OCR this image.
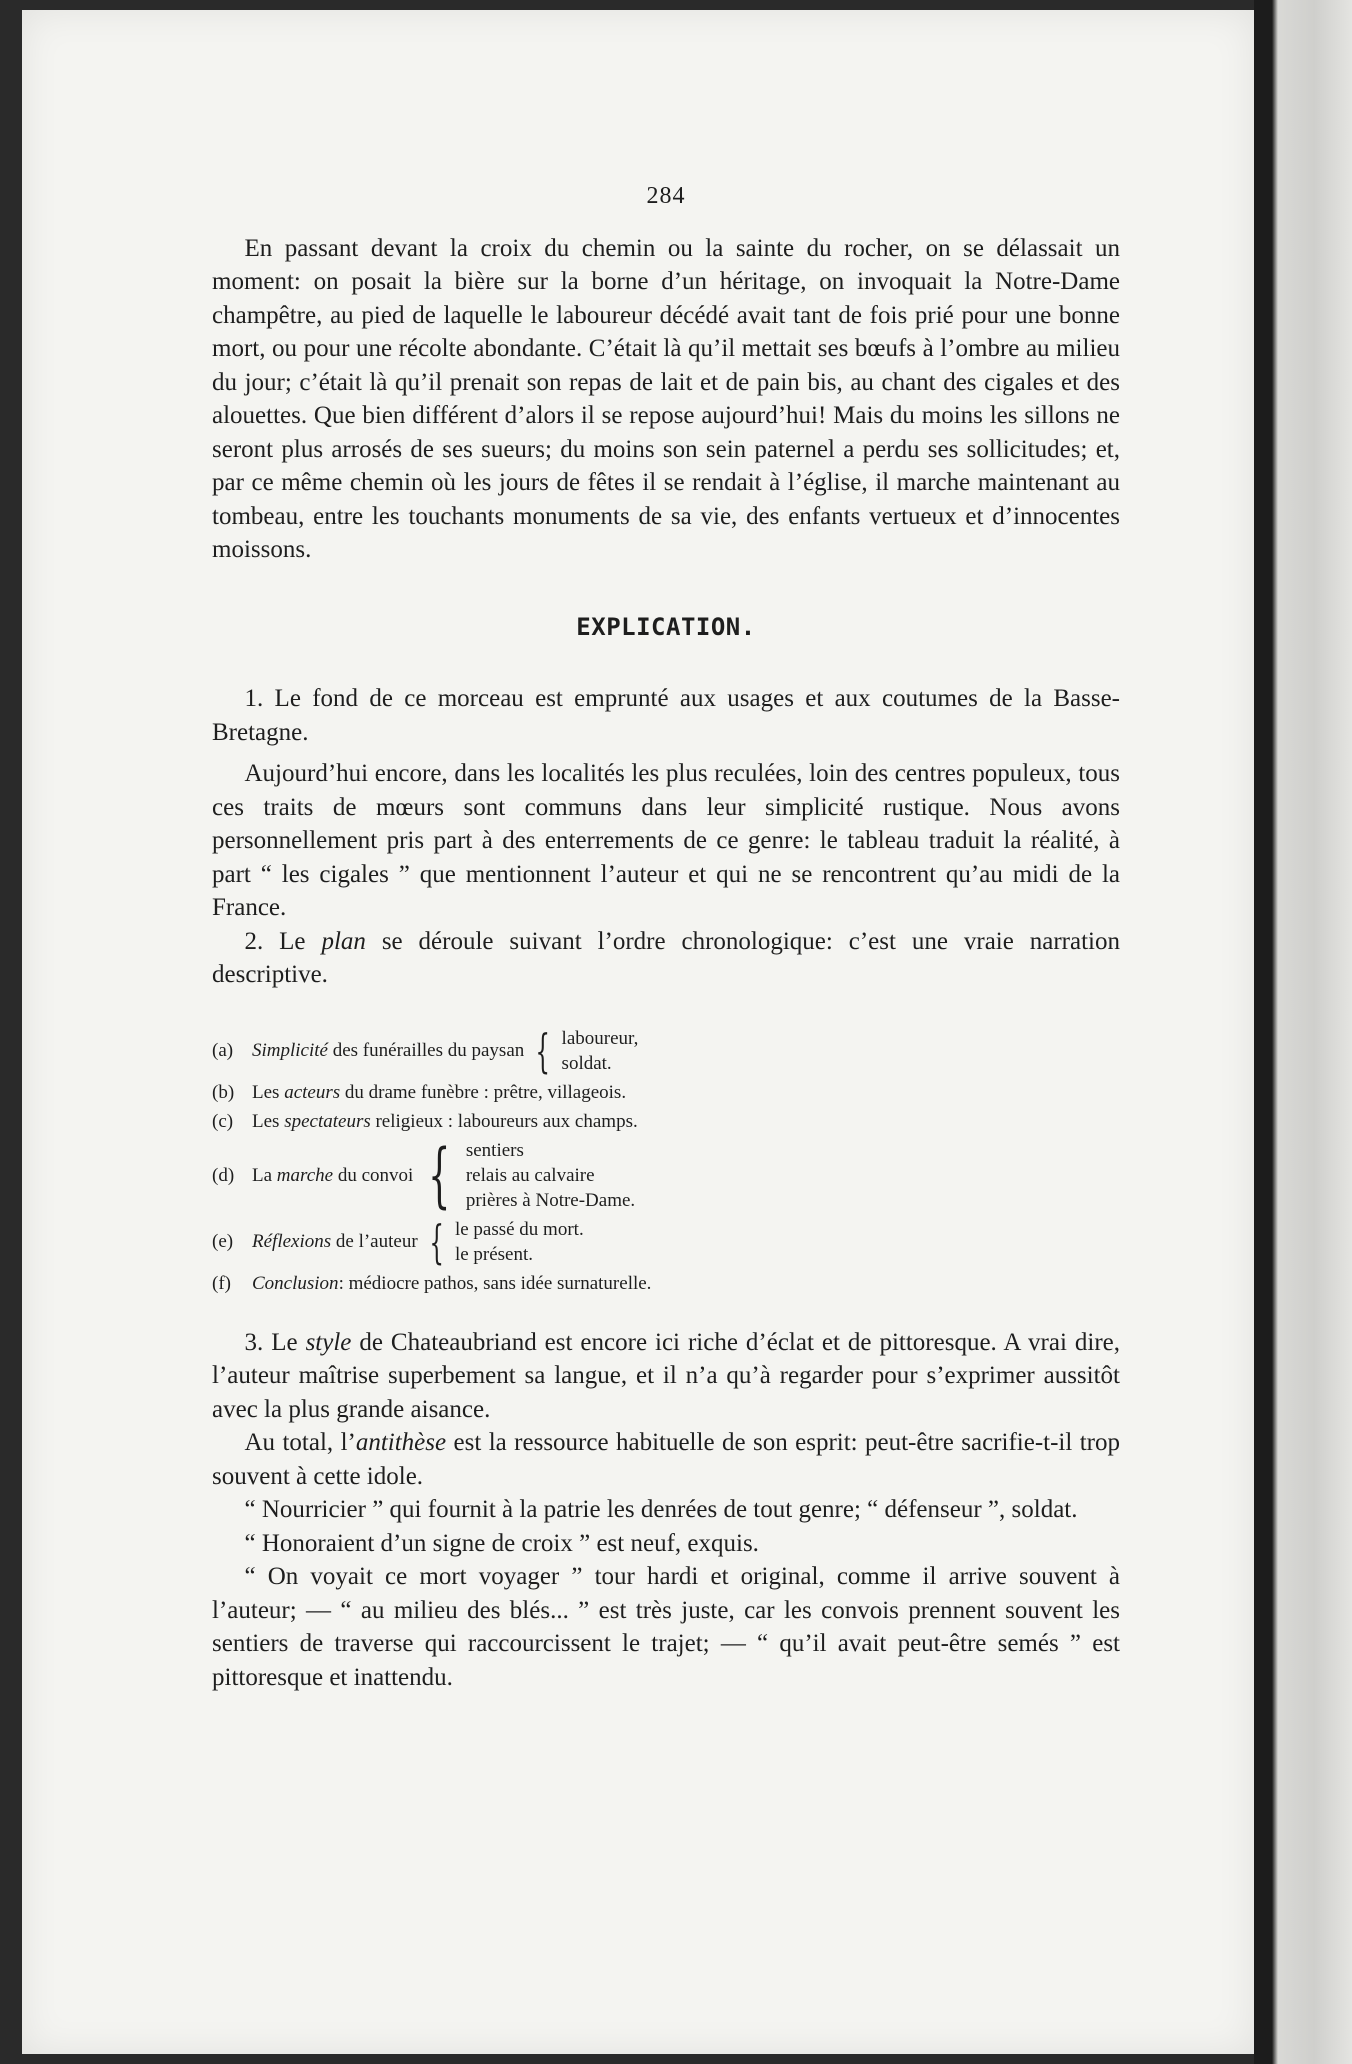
284

En passant devant la croix du chemin ou la sainte du rocher, on se délassait un moment: on posait la bière sur la borne d’un héritage, on invoquait la Notre-Dame champêtre, au pied de laquelle le laboureur décédé avait tant de fois prié pour une bonne mort, ou pour une récolte abondante. C’était là qu’il mettait ses bœufs à l’ombre au milieu du jour; c’était là qu’il prenait son repas de lait et de pain bis, au chant des cigales et des alouettes. Que bien différent d’alors il se repose aujourd’hui! Mais du moins les sillons ne seront plus arrosés de ses sueurs; du moins son sein paternel a perdu ses sollicitudes; et, par ce même chemin où les jours de fêtes il se rendait à l’église, il marche maintenant au tombeau, entre les touchants monuments de sa vie, des enfants vertueux et d’innocentes moissons.

EXPLICATION.

1. Le fond de ce morceau est emprunté aux usages et aux coutumes de la Basse-Bretagne.

Aujourd’hui encore, dans les localités les plus reculées, loin des centres populeux, tous ces traits de mœurs sont communs dans leur simplicité rustique. Nous avons personnellement pris part à des enterrements de ce genre: le tableau traduit la réalité, à part “ les cigales ” que mentionnent l’auteur et qui ne se rencontrent qu’au midi de la France.

2. Le plan se déroule suivant l’ordre chronologique: c’est une vraie narration descriptive.

(a) Simplicité des funérailles du paysan { laboureur,
soldat.
(b) Les acteurs du drame funèbre : prêtre, villageois.
(c) Les spectateurs religieux : laboureurs aux champs.
(d) La marche du convoi { sentiers
relais au calvaire
prières à Notre-Dame.
(e) Réflexions de l’auteur { le passé du mort.
le présent.
(f)	Conclusion: médiocre pathos, sans idée surnaturelle.

3. Le style de Chateaubriand est encore ici riche d’éclat et de pittoresque. A vrai dire, l’auteur maîtrise superbement sa langue, et il n’a qu’à regarder pour s’exprimer aussitôt avec la plus grande aisance.

Au total, l’antithèse est la ressource habituelle de son esprit: peut-être sacrifie-t-il trop souvent à cette idole.

“ Nourricier ” qui fournit à la patrie les denrées de tout genre; “ défenseur ”, soldat.

“ Honoraient d’un signe de croix ” est neuf, exquis.

“ On voyait ce mort voyager ” tour hardi et original, comme il arrive souvent à l’auteur; — “ au milieu des blés... ” est très juste, car les convois prennent souvent les sentiers de traverse qui raccourcissent le trajet; — “ qu’il avait peut-être semés ” est pittoresque et inattendu.
